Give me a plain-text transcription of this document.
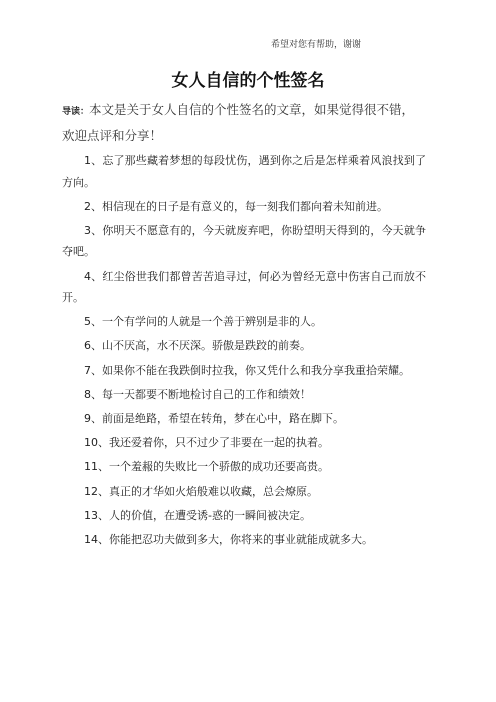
希望对您有帮助，谢谢
女人自信的个性签名
导读：本文是关于女人自信的个性签名的文章，如果觉得很不错，欢迎点评和分享！

1、忘了那些藏着梦想的每段忧伤，遇到你之后是怎样乘着风浪找到了方向。

2、相信现在的日子是有意义的，每一刻我们都向着未知前进。

3、你明天不愿意有的，今天就废弃吧，你盼望明天得到的，今天就争夺吧。

4、红尘俗世我们都曾苦苦追寻过，何必为曾经无意中伤害自己而放不开。

5、一个有学问的人就是一个善于辨别是非的人。

6、山不厌高，水不厌深。骄傲是跌跤的前奏。

7、如果你不能在我跌倒时拉我，你又凭什么和我分享我重拾荣耀。

8、每一天都要不断地检讨自己的工作和绩效！

9、前面是绝路，希望在转角，梦在心中，路在脚下。

10、我还爱着你，只不过少了非要在一起的执着。

11、一个羞赧的失败比一个骄傲的成功还要高贵。

12、真正的才华如火焰般难以收藏，总会燎原。

13、人的价值，在遭受诱-惑的一瞬间被决定。

14、你能把忍功夫做到多大，你将来的事业就能成就多大。
